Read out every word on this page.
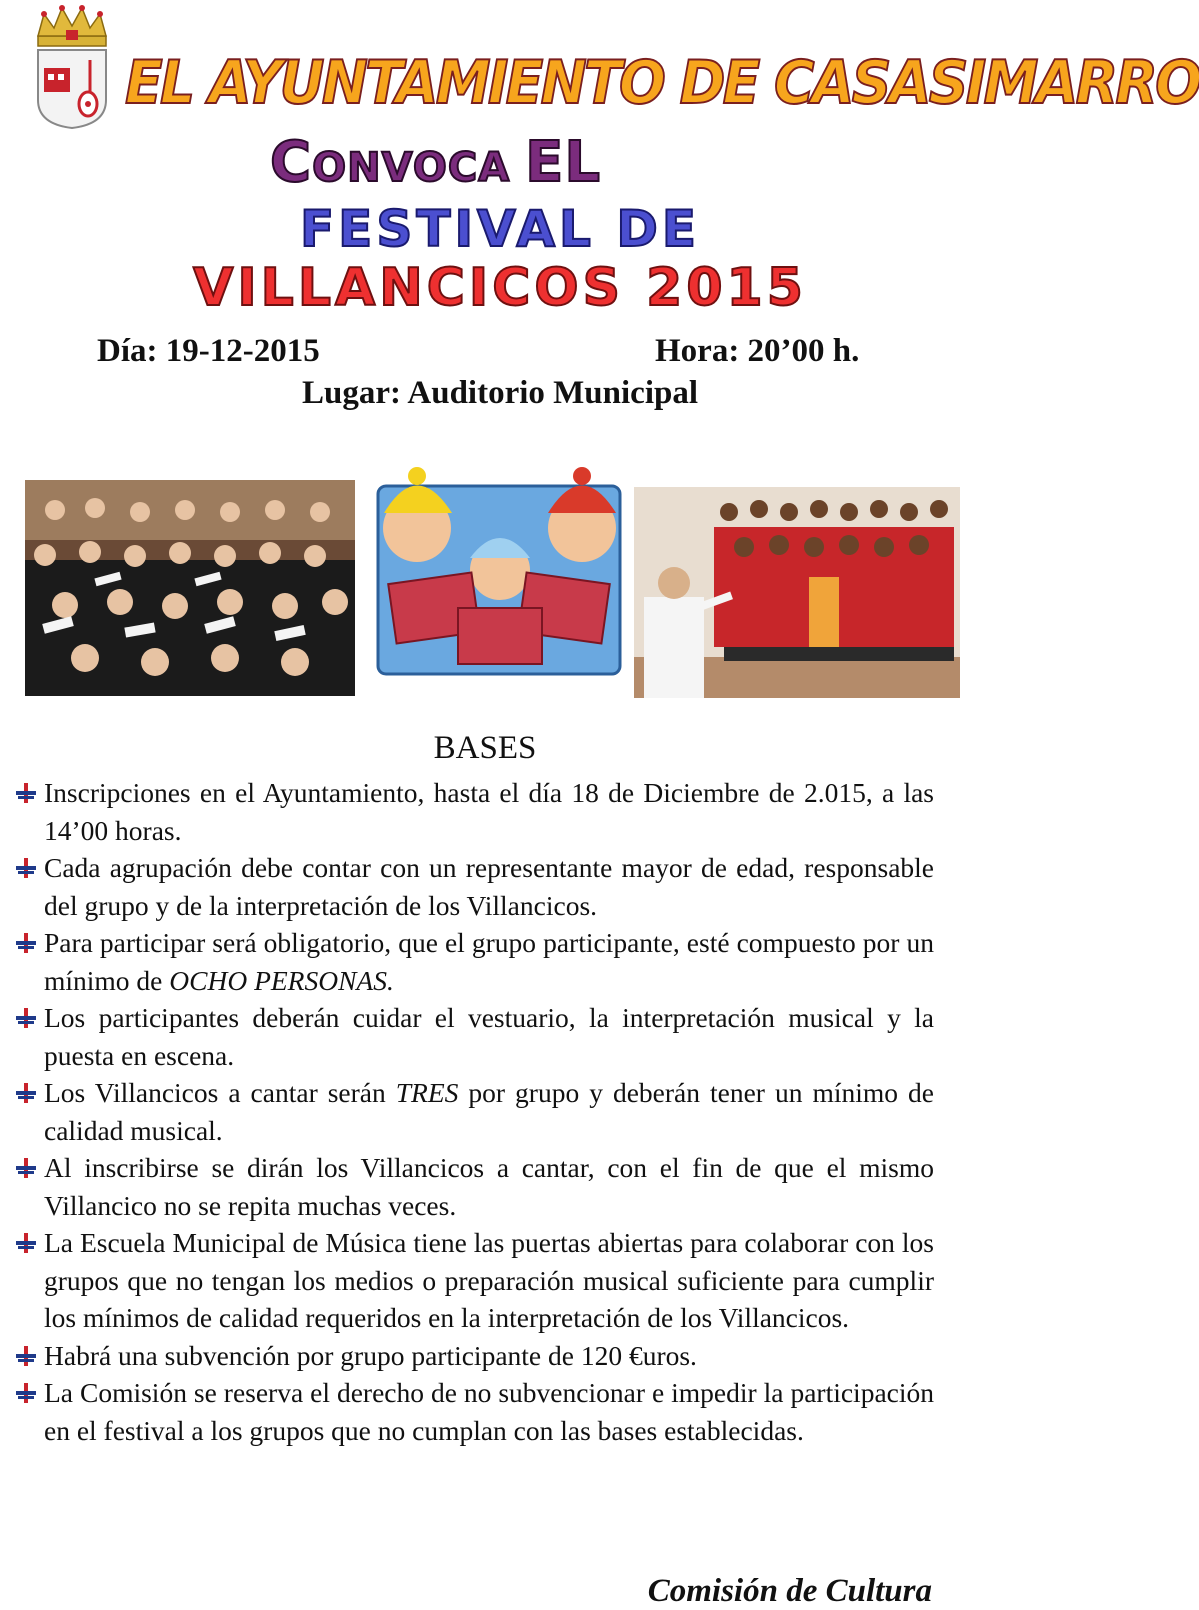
EL AYUNTAMIENTO DE CASASIMARRO
CONVOCA EL
FESTIVAL DE
VILLANCICOS 2015
Día: 19-12-2015	Hora: 20’00 h.
Lugar: Auditorio Municipal
BASES
Inscripciones en el Ayuntamiento, hasta el día 18 de Diciembre de 2.015, a las 14’00 horas.
Cada agrupación debe contar con un representante mayor de edad, responsable del grupo y de la interpretación de los Villancicos.
Para participar será obligatorio, que el grupo participante, esté compuesto por un mínimo de OCHO PERSONAS.
Los participantes deberán cuidar el vestuario, la interpretación musical y la puesta en escena.
Los Villancicos a cantar serán TRES por grupo y deberán tener un mínimo de calidad musical.
Al inscribirse se dirán los Villancicos a cantar, con el fin de que el mismo Villancico no se repita muchas veces.
La Escuela Municipal de Música tiene las puertas abiertas para colaborar con los grupos que no tengan los medios o preparación musical suficiente para cumplir los mínimos de calidad requeridos en la interpretación de los Villancicos.
Habrá una subvención por grupo participante de 120 €uros.
La Comisión se reserva el derecho de no subvencionar e impedir la participación en el festival a los grupos que no cumplan con las bases establecidas.
Comisión de Cultura
